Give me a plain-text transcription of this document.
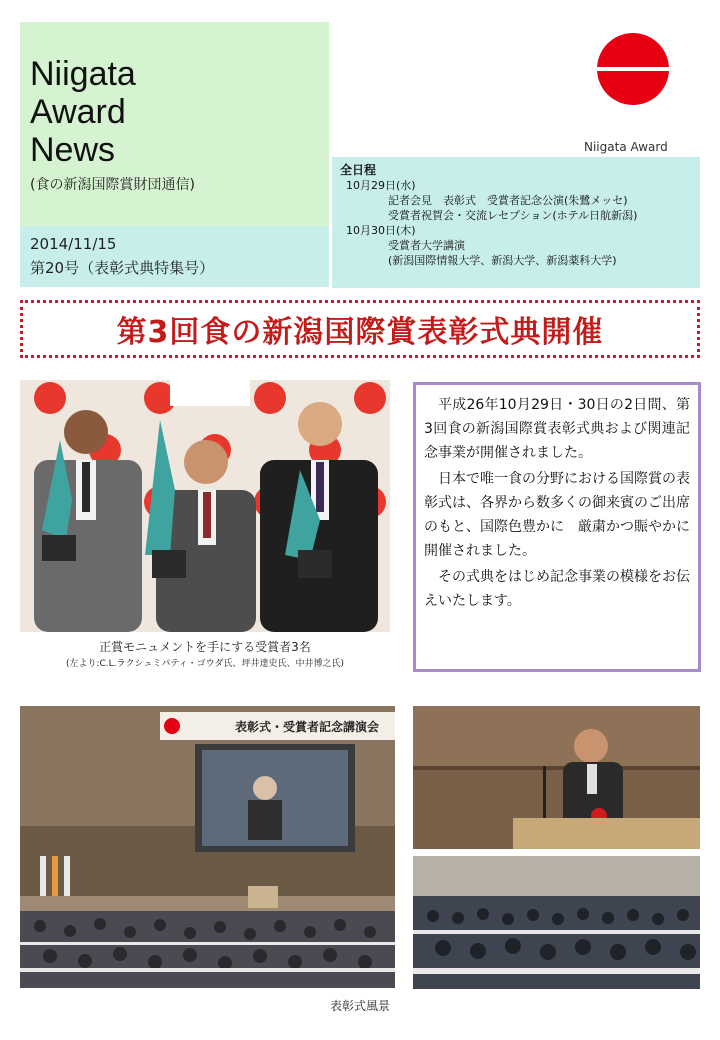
Niigata
Award
News
(食の新潟国際賞財団通信)
2014/11/15
第20号（表彰式典特集号）
Niigata Award
全日程
10月29日(水)
記者会見　表彰式　受賞者記念公演(朱鷺メッセ)
受賞者祝賀会・交流レセプション(ホテル日航新潟)
10月30日(木)
受賞者大学講演
(新潟国際情報大学、新潟大学、新潟薬科大学)
第3回食の新潟国際賞表彰式典開催
正賞モニュメントを手にする受賞者3名
(左より:C.L.ラクシュミパティ・ゴウダ氏、坪井達史氏、中井博之氏)

平成26年10月29日・30日の2日間、第3回食の新潟国際賞表彰式典および関連記念事業が開催されました。

日本で唯一食の分野における国際賞の表彰式は、各界から数多くの御来賓のご出席のもと、国際色豊かに　厳粛かつ賑やかに開催されました。

その式典をはじめ記念事業の模様をお伝えいたします。

表彰式・受賞者記念講演会
表彰式風景
